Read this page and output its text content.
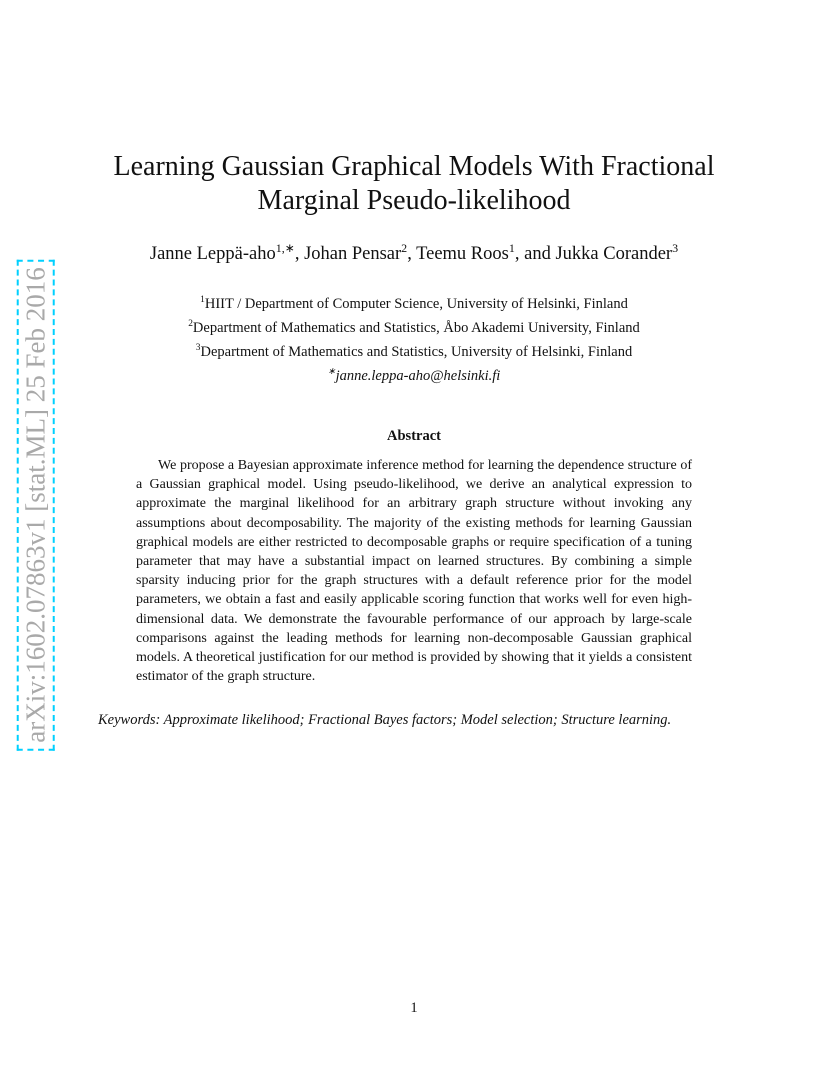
arXiv:1602.07863v1 [stat.ML] 25 Feb 2016
Learning Gaussian Graphical Models With Fractional Marginal Pseudo-likelihood
Janne Leppä-aho$^{1,∗}$, Johan Pensar$^2$, Teemu Roos$^1$, and Jukka Corander$^3$
$^1$HIIT / Department of Computer Science, University of Helsinki, Finland
$^2$Department of Mathematics and Statistics, Åbo Akademi University, Finland
$^3$Department of Mathematics and Statistics, University of Helsinki, Finland
∗janne.leppa-aho@helsinki.fi
Abstract

We propose a Bayesian approximate inference method for learning the dependence structure of a Gaussian graphical model. Using pseudo-likelihood, we derive an analytical expression to approximate the marginal likelihood for an arbitrary graph structure without invoking any assumptions about decomposability. The majority of the existing methods for learning Gaussian graphical models are either restricted to decomposable graphs or require specification of a tuning parameter that may have a substantial impact on learned structures. By combining a simple sparsity inducing prior for the graph structures with a default reference prior for the model parameters, we obtain a fast and easily applicable scoring function that works well for even high-dimensional data. We demonstrate the favourable performance of our approach by large-scale comparisons against the leading methods for learning non-decomposable Gaussian graphical models. A theoretical justification for our method is provided by showing that it yields a consistent estimator of the graph structure.

Keywords: Approximate likelihood; Fractional Bayes factors; Model selection; Structure learning.

1
